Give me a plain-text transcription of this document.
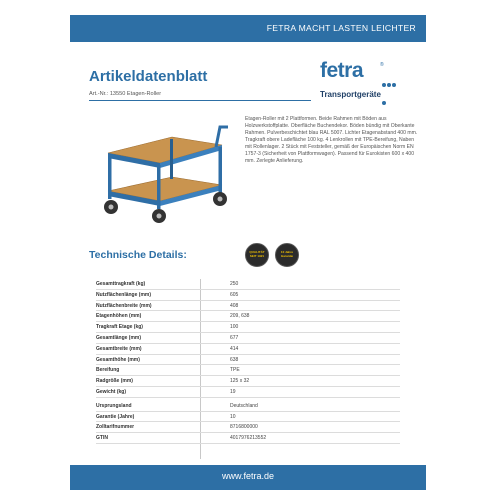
FETRA MACHT LASTEN LEICHTER
Artikeldatenblatt
Art.-Nr.: 13550 Etagen-Roller
fetra	®
Transportgeräte
Etagen-Roller mit 2 Plattformen. Beide Rahmen mit Böden aus Holzwerkstoffplatte. Oberfläche Buchendekor. Böden bündig mit Oberkante Rahmen. Pulverbeschichtet blau RAL 5007. Lichter Etagenabstand 400 mm. Tragkraft obere Ladefläche 100 kg. 4 Lenkrollen mit TPE-Bereifung, Naben mit Rollenlager. 2 Stück mit Feststeller, gemäß der Europäischen Norm EN 1757-3 (Sicherheit von Plattformwagen). Passend für Eurokisten 600 x 400 mm. Zerlegte Anlieferung.
Technische Details:	QUALITÄT SEIT 1921
10 Jahre Garantie
Gesamttragkraft (kg)	250
Nutzflächenlänge (mm)	605
Nutzflächenbreite (mm)	408
Etagenhöhen (mm)	209, 638
Tragkraft Etage (kg)	100
Gesamtlänge (mm)	677
Gesamtbreite (mm)	414
Gesamthöhe (mm)	638
Bereifung	TPE
Radgröße (mm)	125 x 32
Gewicht (kg)	19
Ursprungsland	Deutschland
Garantie (Jahre)	10
Zolltarifnummer	8716800000
GTIN	4017976213552
www.fetra.de
